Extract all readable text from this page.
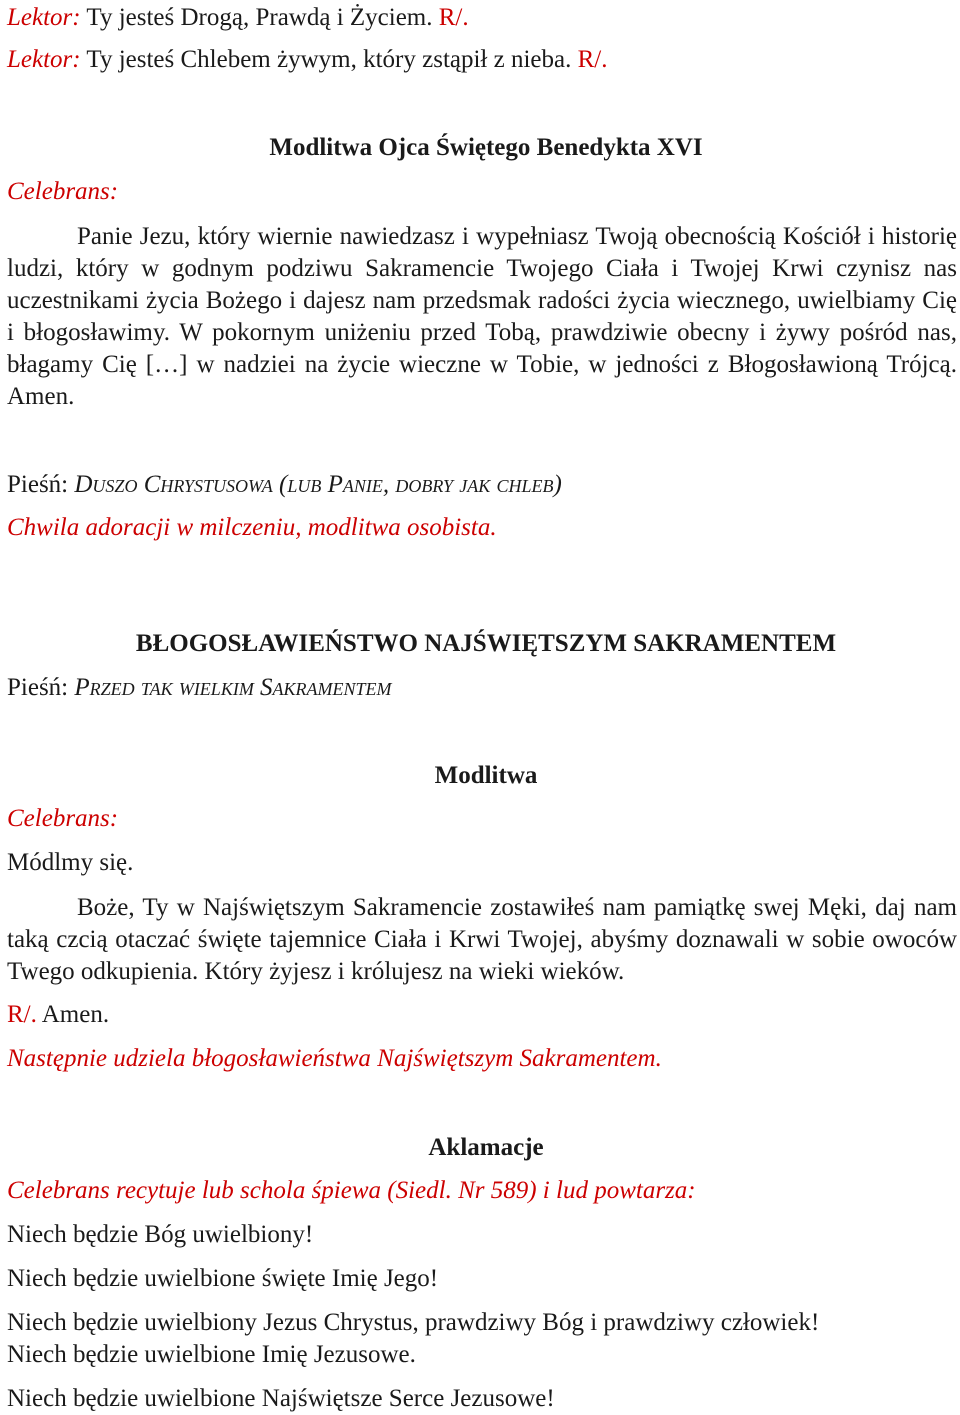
Lektor: Ty jesteś Drogą, Prawdą i Życiem. R/.
Lektor: Ty jesteś Chlebem żywym, który zstąpił z nieba. R/.
Modlitwa Ojca Świętego Benedykta XVI
Celebrans:
Panie Jezu, który wiernie nawiedzasz i wypełniasz Twoją obecnością Kościół i historię ludzi, który w godnym podziwu Sakramencie Twojego Ciała i Twojej Krwi czynisz nas uczestnikami życia Bożego i dajesz nam przedsmak radości życia wiecznego, uwielbiamy Cię i błogosławimy. W pokornym uniżeniu przed Tobą, prawdziwie obecny i żywy pośród nas, błagamy Cię […] w nadziei na życie wieczne w Tobie, w jedności z Błogosławioną Trójcą. Amen.
Pieśń: Duszo Chrystusowa (lub Panie, dobry jak chleb)
Chwila adoracji w milczeniu, modlitwa osobista.
BŁOGOSŁAWIEŃSTWO NAJŚWIĘTSZYM SAKRAMENTEM
Pieśń: Przed tak wielkim Sakramentem
Modlitwa
Celebrans:
Módlmy się.
Boże, Ty w Najświętszym Sakramencie zostawiłeś nam pamiątkę swej Męki, daj nam taką czcią otaczać święte tajemnice Ciała i Krwi Twojej, abyśmy doznawali w sobie owoców Twego odkupienia. Który żyjesz i królujesz na wieki wieków.
R/. Amen.
Następnie udziela błogosławieństwa Najświętszym Sakramentem.
Aklamacje
Celebrans recytuje lub schola śpiewa (Siedl. Nr 589) i lud powtarza:
Niech będzie Bóg uwielbiony!
Niech będzie uwielbione święte Imię Jego!
Niech będzie uwielbiony Jezus Chrystus, prawdziwy Bóg i prawdziwy człowiek!
Niech będzie uwielbione Imię Jezusowe.
Niech będzie uwielbione Najświętsze Serce Jezusowe!
